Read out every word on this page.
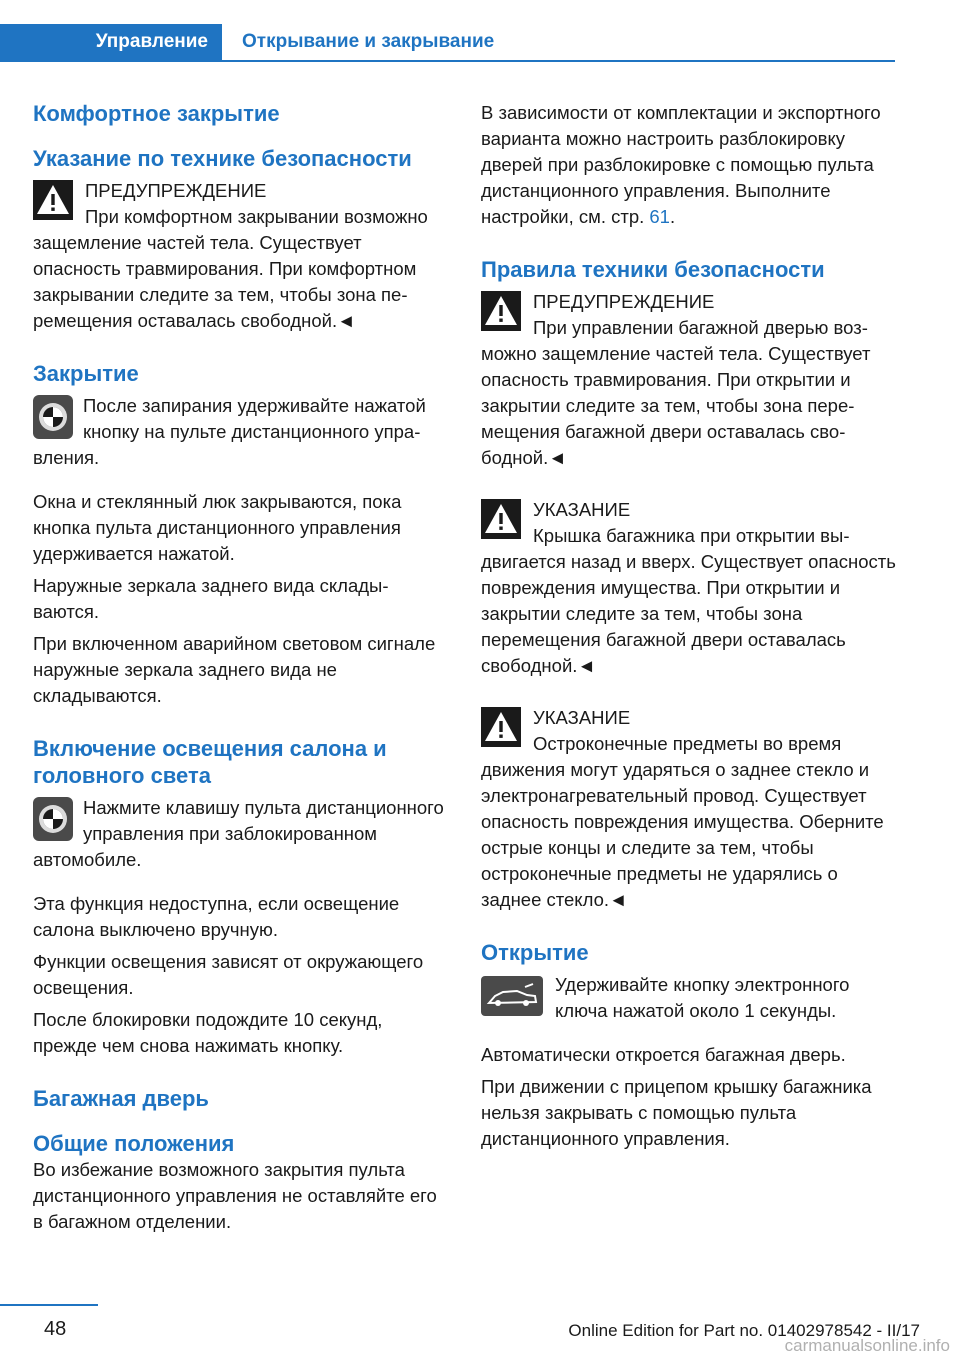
Управление	Открывание и закрывание
Комфортное закрытие
Указание по технике безопасности

ПРЕДУПРЕЖДЕНИЕ

При комфортном закрывании возможно защемление частей тела. Существует опасность травмирования. При комфортном закрывании следите за тем, чтобы зона перемещения оставалась свободной.◄

Закрытие

После запирания удерживайте нажатой кнопку на пульте дистанционного управления.

Окна и стеклянный люк закрываются, пока кнопка пульта дистанционного управления удерживается нажатой.

Наружные зеркала заднего вида складываются.

При включенном аварийном световом сигнале наружные зеркала заднего вида не складываются.

Включение освещения салона и головного света

Нажмите клавишу пульта дистанционного управления при заблокированном автомобиле.

Эта функция недоступна, если освещение салона выключено вручную.

Функции освещения зависят от окружающего освещения.

После блокировки подождите 10 секунд, прежде чем снова нажимать кнопку.

Багажная дверь
Общие положения

Во избежание возможного закрытия пульта дистанционного управления не оставляйте его в багажном отделении.

В зависимости от комплектации и экспортного варианта можно настроить разблокировку дверей при разблокировке с помощью пульта дистанционного управления. Выполните настройки, см. стр. 61.

Правила техники безопасности

ПРЕДУПРЕЖДЕНИЕ

При управлении багажной дверью возможно защемление частей тела. Существует опасность травмирования. При открытии и закрытии следите за тем, чтобы зона перемещения багажной двери оставалась свободной.◄

УКАЗАНИЕ

Крышка багажника при открытии выдвигается назад и вверх. Существует опасность повреждения имущества. При открытии и закрытии следите за тем, чтобы зона перемещения багажной двери оставалась свободной.◄

УКАЗАНИЕ

Остроконечные предметы во время движения могут ударяться о заднее стекло и электронагревательный провод. Существует опасность повреждения имущества. Оберните острые концы и следите за тем, чтобы остроконечные предметы не ударялись о заднее стекло.◄

Открытие

Удерживайте кнопку электронного ключа нажатой около 1 секунды.

Автоматически откроется багажная дверь.

При движении с прицепом крышку багажника нельзя закрывать с помощью пульта дистанционного управления.

48	Online Edition for Part no. 01402978542 - II/17
carmanualsonline.info
